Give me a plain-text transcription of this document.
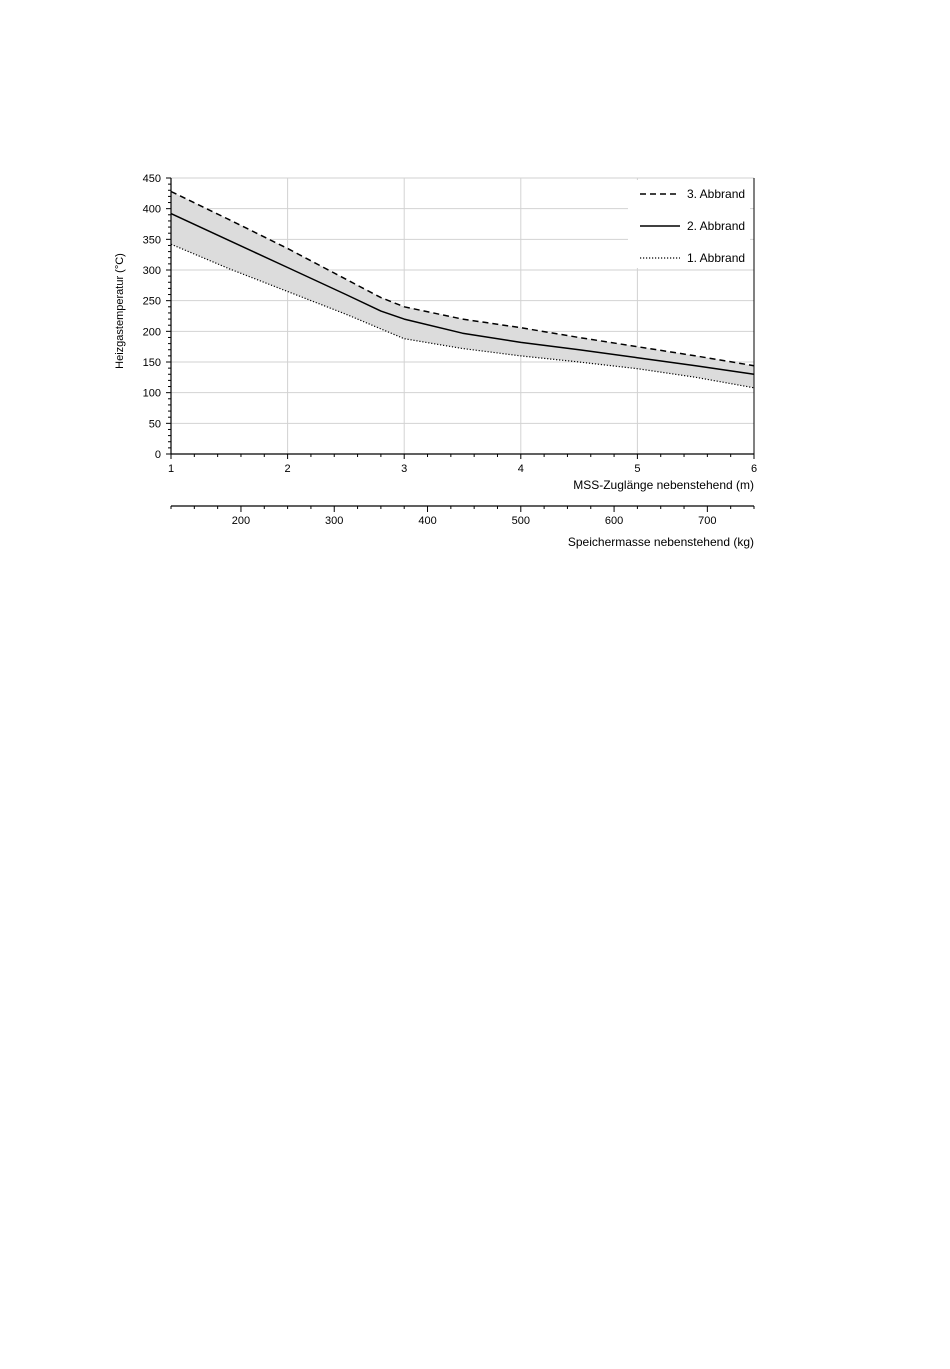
0
50
100
150
200
250
300
350
400
450
1	2	3	4	5	6
200	300	400	500	600	700
Heizgastemperatur (°C)
MSS-Zuglänge nebenstehend (m)
Speichermasse nebenstehend (kg)
3. Abbrand
2. Abbrand
1. Abbrand
